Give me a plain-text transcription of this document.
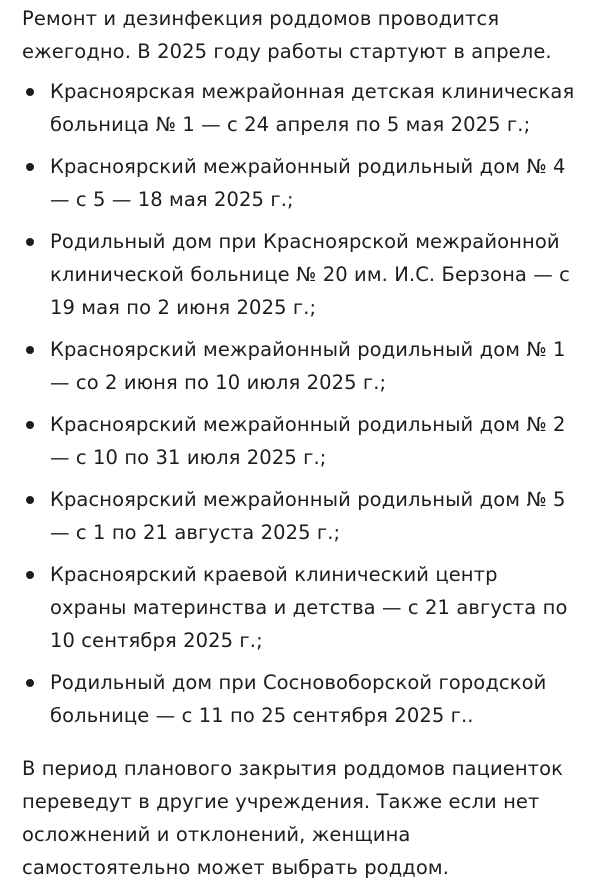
Ремонт и дезинфекция роддомов проводится ежегодно. В 2025 году работы стартуют в апреле.

Красноярская межрайонная детская клиническая больница № 1 — с 24 апреля по 5 мая 2025 г.;
Красноярский межрайонный родильный дом № 4 — с 5 — 18 мая 2025 г.;
Родильный дом при Красноярской межрайонной клинической больнице № 20 им. И.С. Берзона — с 19 мая по 2 июня 2025 г.;
Красноярский межрайонный родильный дом № 1 — со 2 июня по 10 июля 2025 г.;
Красноярский межрайонный родильный дом № 2 — с 10 по 31 июля 2025 г.;
Красноярский межрайонный родильный дом № 5 — с 1 по 21 августа 2025 г.;
Красноярский краевой клинический центр охраны материнства и детства — с 21 августа по 10 сентября 2025 г.;
Родильный дом при Сосновоборской городской больнице — с 11 по 25 сентября 2025 г..

В период планового закрытия роддомов пациенток переведут в другие учреждения. Также если нет осложнений и отклонений, женщина самостоятельно может выбрать роддом.
